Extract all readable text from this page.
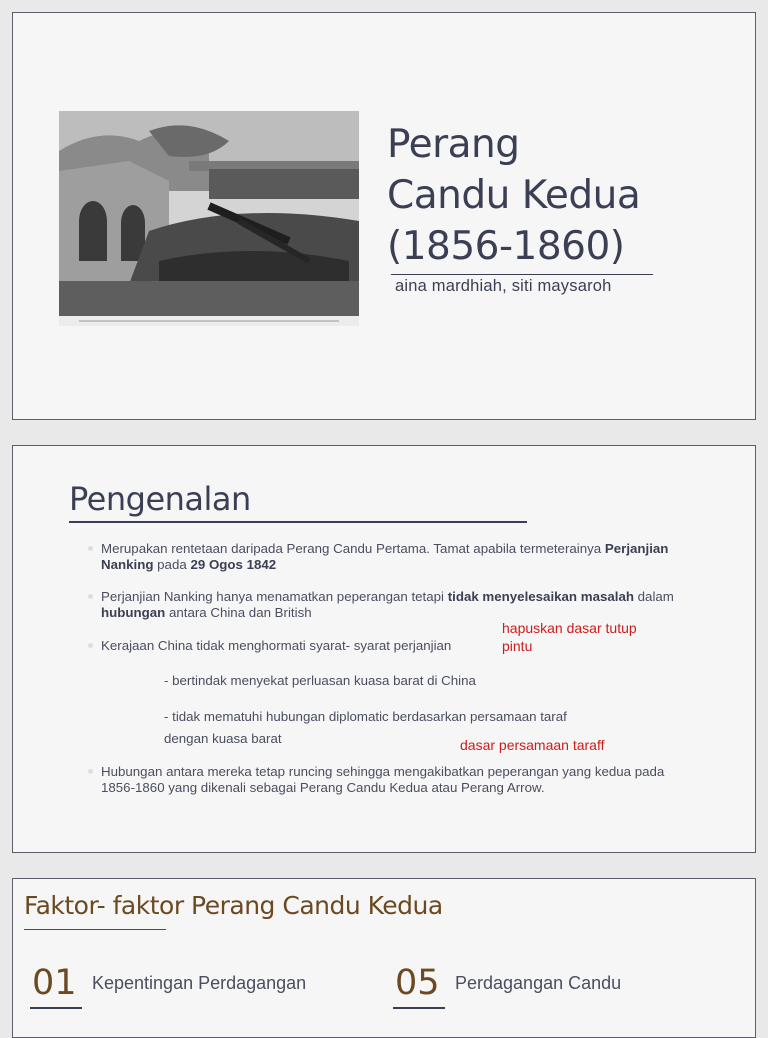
Perang
Candu Kedua
(1856-1860)
aina mardhiah, siti maysaroh
Pengenalan

Merupakan rentetaan daripada Perang Candu Pertama. Tamat apabila termeterainya Perjanjian Nanking pada 29 Ogos 1842

Perjanjian Nanking hanya menamatkan peperangan tetapi tidak menyelesaikan masalah dalam hubungan antara China dan British

Kerajaan China tidak menghormati syarat- syarat perjanjian

- bertindak menyekat perluasan kuasa barat di China

- tidak mematuhi hubungan diplomatic berdasarkan persamaan taraf

dengan kuasa barat

Hubungan antara mereka tetap runcing sehingga mengakibatkan peperangan yang kedua pada 1856-1860 yang dikenali sebagai Perang Candu Kedua atau Perang Arrow.

hapuskan dasar tutup

pintu

dasar persamaan taraff

Faktor- faktor Perang Candu Kedua

01 Kepentingan Perdagangan	05 Perdagangan Candu
